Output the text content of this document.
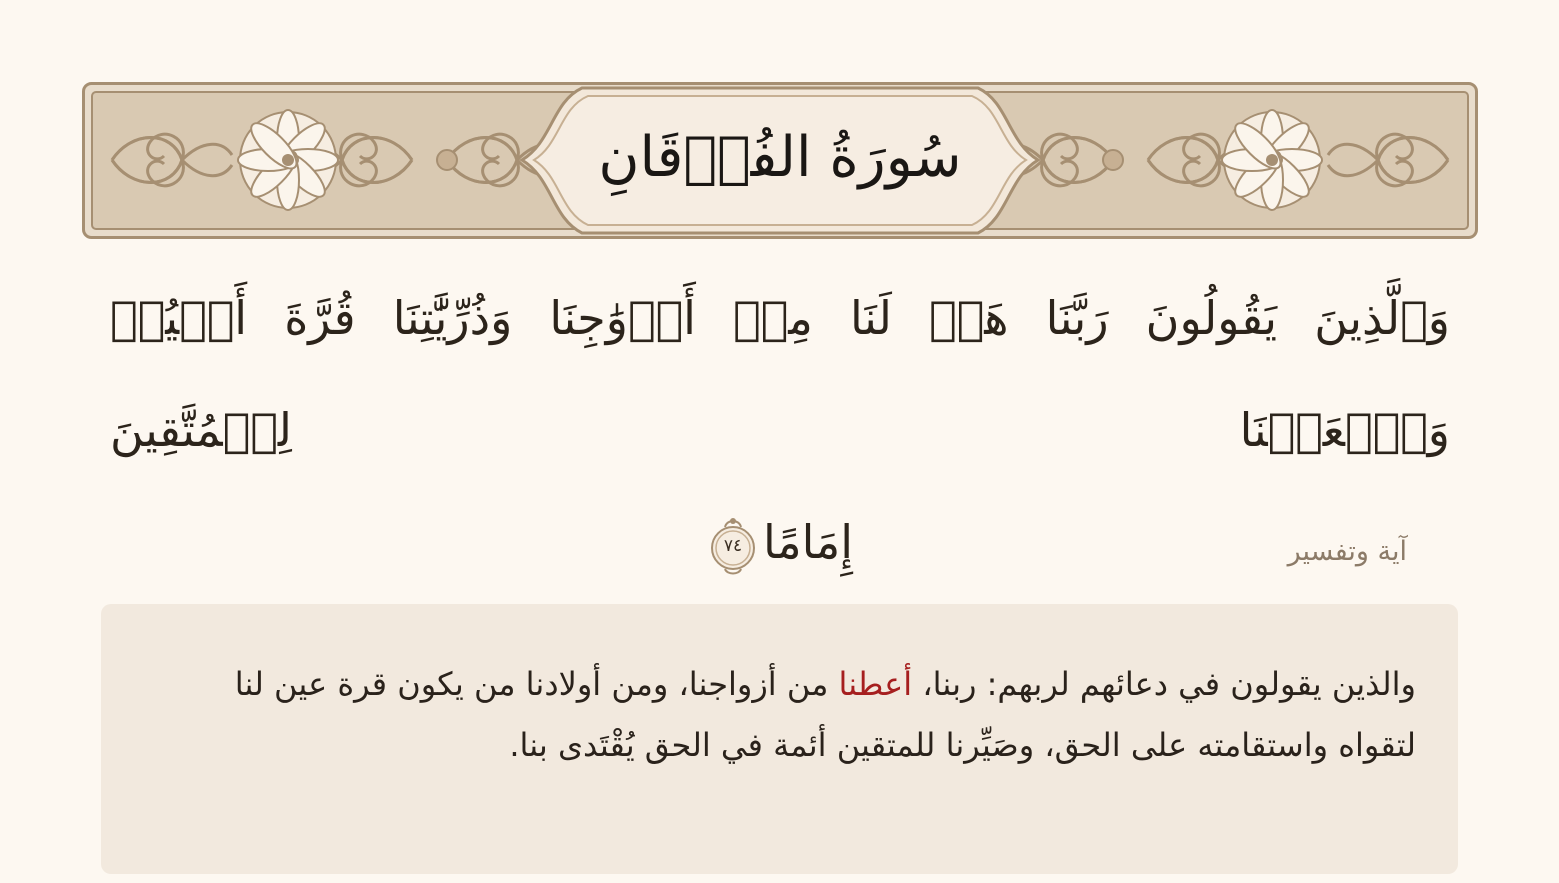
سُورَةُ الفُرۡقَانِ
وَٱلَّذِينَ يَقُولُونَ رَبَّنَا هَبۡ لَنَا مِنۡ أَزۡوَٰجِنَا وَذُرِّيَّٰتِنَا قُرَّةَ أَعۡيُنٖ وَٱجۡعَلۡنَا لِلۡمُتَّقِينَ
إِمَامًا
٧٤	آية وتفسير
والذين يقولون في دعائهم لربهم: ربنا، أعطنا من أزواجنا، ومن أولادنا من يكون قرة عين لنا لتقواه واستقامته على الحق، وصَيِّرنا للمتقين أئمة في الحق يُقْتَدى بنا.
